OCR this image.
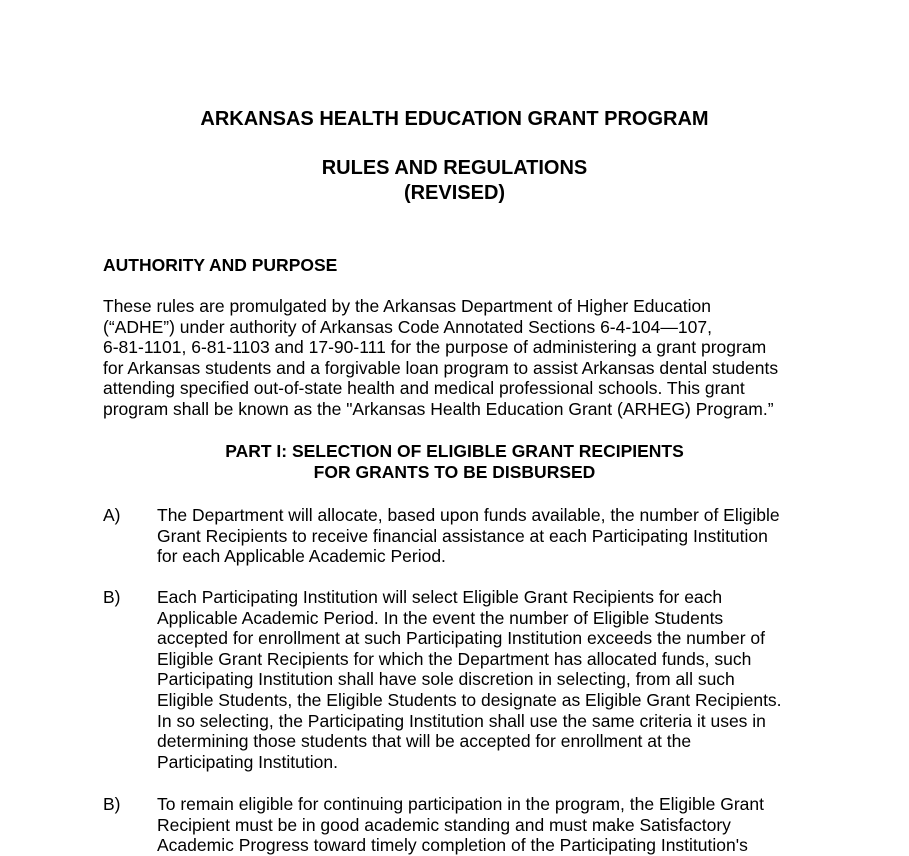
ARKANSAS HEALTH EDUCATION GRANT PROGRAM
RULES AND REGULATIONS
(REVISED)
AUTHORITY AND PURPOSE
These rules are promulgated by the Arkansas Department of Higher Education
(“ADHE”) under authority of Arkansas Code Annotated Sections 6-4-104—107,
6-81-1101, 6-81-1103 and 17-90-111 for the purpose of administering a grant program
for Arkansas students and a forgivable loan program to assist Arkansas dental students
attending specified out-of-state health and medical professional schools. This grant
program shall be known as the "Arkansas Health Education Grant (ARHEG) Program.”
PART I: SELECTION OF ELIGIBLE GRANT RECIPIENTS
FOR GRANTS TO BE DISBURSED
A) The Department will allocate, based upon funds available, the number of Eligible
Grant Recipients to receive financial assistance at each Participating Institution
for each Applicable Academic Period.
B) Each Participating Institution will select Eligible Grant Recipients for each
Applicable Academic Period. In the event the number of Eligible Students
accepted for enrollment at such Participating Institution exceeds the number of
Eligible Grant Recipients for which the Department has allocated funds, such
Participating Institution shall have sole discretion in selecting, from all such
Eligible Students, the Eligible Students to designate as Eligible Grant Recipients.
In so selecting, the Participating Institution shall use the same criteria it uses in
determining those students that will be accepted for enrollment at the
Participating Institution.
B) To remain eligible for continuing participation in the program, the Eligible Grant
Recipient must be in good academic standing and must make Satisfactory
Academic Progress toward timely completion of the Participating Institution's
